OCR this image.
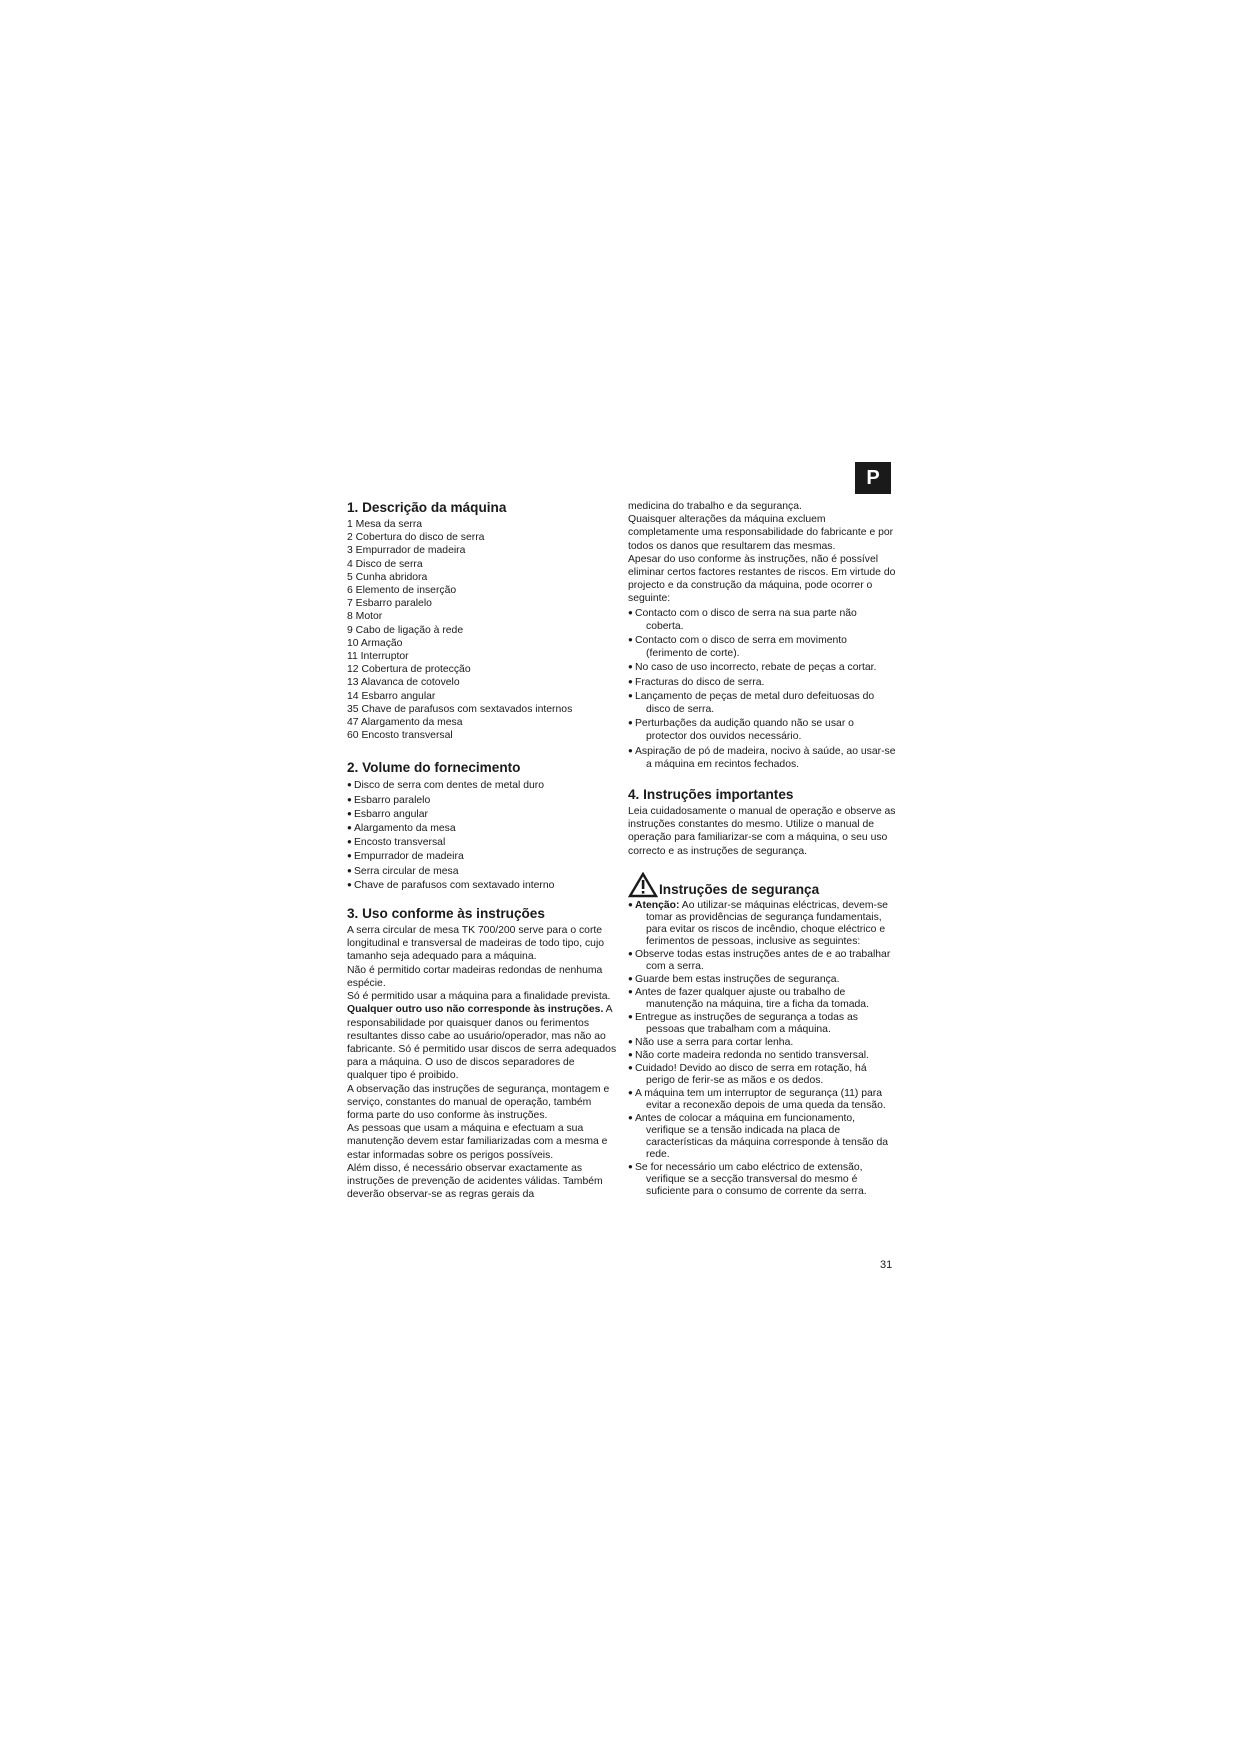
P
1. Descrição da máquina
1 Mesa da serra
2 Cobertura do disco de serra
3 Empurrador de madeira
4 Disco de serra
5 Cunha abridora
6 Elemento de inserção
7 Esbarro paralelo
8 Motor
9 Cabo de ligação à rede
10 Armação
11 Interruptor
12 Cobertura de protecção
13 Alavanca de cotovelo
14 Esbarro angular
35 Chave de parafusos com sextavados internos
47 Alargamento da mesa
60 Encosto transversal
2. Volume do fornecimento
● Disco de serra com dentes de metal duro
● Esbarro paralelo
● Esbarro angular
● Alargamento da mesa
● Encosto transversal
● Empurrador de madeira
● Serra circular de mesa
● Chave de parafusos com sextavado interno
3. Uso conforme às instruções

A serra circular de mesa TK 700/200 serve para o corte longitudinal e transversal de madeiras de todo tipo, cujo tamanho seja adequado para a máquina.

Não é permitido cortar madeiras redondas de nenhuma espécie.

Só é permitido usar a máquina para a finalidade prevista.

Qualquer outro uso não corresponde às instruções. A responsabilidade por quaisquer danos ou ferimentos resultantes disso cabe ao usuário/operador, mas não ao fabricante. Só é permitido usar discos de serra adequados para a máquina. O uso de discos separadores de qualquer tipo é proibido.

A observação das instruções de segurança, montagem e serviço, constantes do manual de operação, também forma parte do uso conforme às instruções.

As pessoas que usam a máquina e efectuam a sua manutenção devem estar familiarizadas com a mesma e estar informadas sobre os perigos possíveis.

Além disso, é necessário observar exactamente as instruções de prevenção de acidentes válidas. Também deverão observar-se as regras gerais da

medicina do trabalho e da segurança.

Quaisquer alterações da máquina excluem completamente uma responsabilidade do fabricante e por todos os danos que resultarem das mesmas.

Apesar do uso conforme às instruções, não é possível eliminar certos factores restantes de riscos. Em virtude do projecto e da construção da máquina, pode ocorrer o seguinte:

● Contacto com o disco de serra na sua parte não coberta.
● Contacto com o disco de serra em movimento (ferimento de corte).
● No caso de uso incorrecto, rebate de peças a cortar.
● Fracturas do disco de serra.
● Lançamento de peças de metal duro defeituosas do disco de serra.
● Perturbações da audição quando não se usar o protector dos ouvidos necessário.
● Aspiração de pó de madeira, nocivo à saúde, ao usar-se a máquina em recintos fechados.
4. Instruções importantes

Leia cuidadosamente o manual de operação e observe as instruções constantes do mesmo. Utilize o manual de operação para familiarizar-se com a máquina, o seu uso correcto e as instruções de segurança.

Instruções de segurança
● Atenção: Ao utilizar-se máquinas eléctricas, devem-se tomar as providências de segurança fundamentais, para evitar os riscos de incêndio, choque eléctrico e ferimentos de pessoas, inclusive as seguintes:
● Observe todas estas instruções antes de e ao trabalhar com a serra.
● Guarde bem estas instruções de segurança.
● Antes de fazer qualquer ajuste ou trabalho de manutenção na máquina, tire a ficha da tomada.
● Entregue as instruções de segurança a todas as pessoas que trabalham com a máquina.
● Não use a serra para cortar lenha.
● Não corte madeira redonda no sentido transversal.
● Cuidado! Devido ao disco de serra em rotação, há perigo de ferir-se as mãos e os dedos.
● A máquina tem um interruptor de segurança (11) para evitar a reconexão depois de uma queda da tensão.
● Antes de colocar a máquina em funcionamento, verifique se a tensão indicada na placa de características da máquina corresponde à tensão da rede.
● Se for necessário um cabo eléctrico de extensão, verifique se a secção transversal do mesmo é suficiente para o consumo de corrente da serra.
31
